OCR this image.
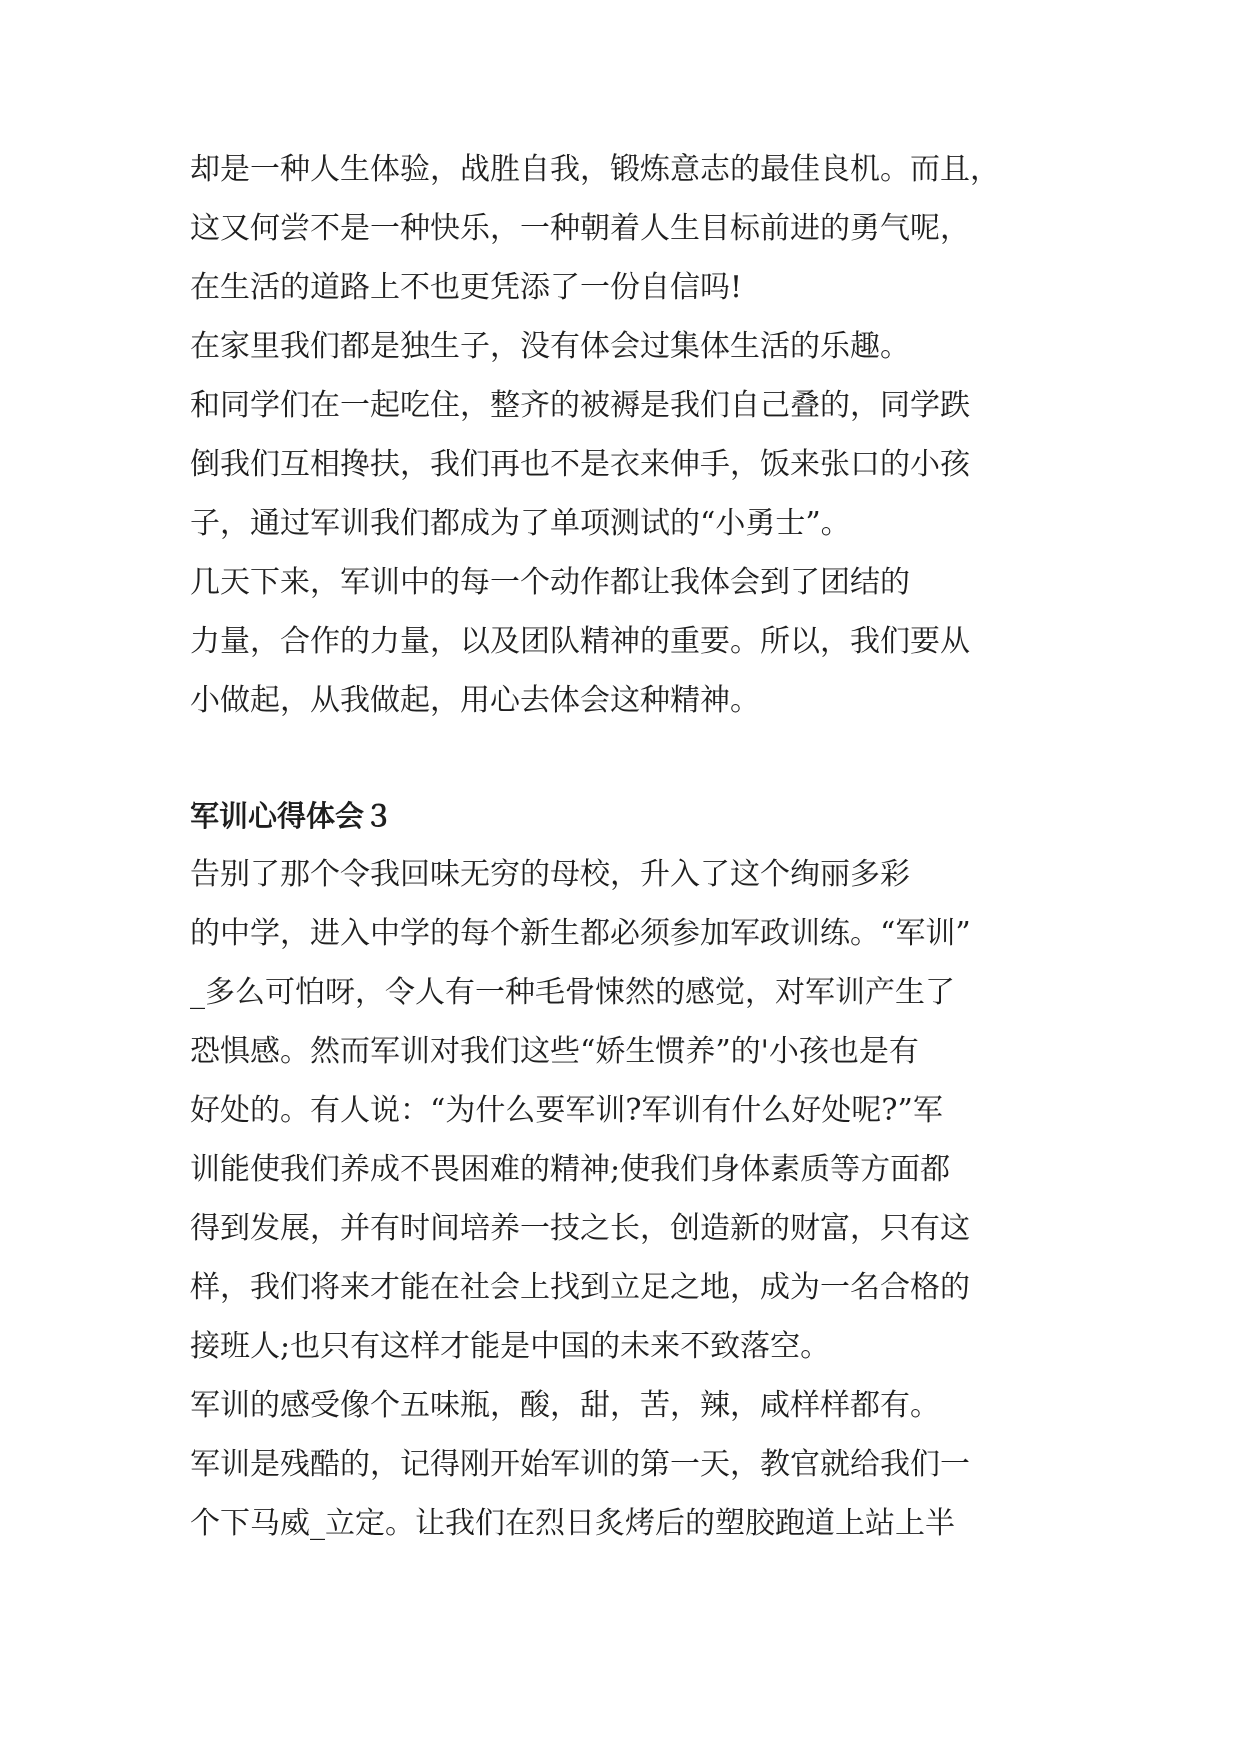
却是一种人生体验，战胜自我，锻炼意志的最佳良机。而且，

这又何尝不是一种快乐，一种朝着人生目标前进的勇气呢，

在生活的道路上不也更凭添了一份自信吗!

在家里我们都是独生子，没有体会过集体生活的乐趣。

和同学们在一起吃住，整齐的被褥是我们自己叠的，同学跌

倒我们互相搀扶，我们再也不是衣来伸手，饭来张口的小孩

子，通过军训我们都成为了单项测试的“小勇士”。

几天下来，军训中的每一个动作都让我体会到了团结的

力量，合作的力量，以及团队精神的重要。所以，我们要从

小做起，从我做起，用心去体会这种精神。

军训心得体会３

告别了那个令我回味无穷的母校，升入了这个绚丽多彩

的中学，进入中学的每个新生都必须参加军政训练。“军训”

_多么可怕呀，令人有一种毛骨悚然的感觉，对军训产生了

恐惧感。然而军训对我们这些“娇生惯养”的'小孩也是有

好处的。有人说：“为什么要军训?军训有什么好处呢?”军

训能使我们养成不畏困难的精神;使我们身体素质等方面都

得到发展，并有时间培养一技之长，创造新的财富，只有这

样，我们将来才能在社会上找到立足之地，成为一名合格的

接班人;也只有这样才能是中国的未来不致落空。

军训的感受像个五味瓶，酸，甜，苦，辣，咸样样都有。

军训是残酷的，记得刚开始军训的第一天，教官就给我们一

个下马威_立定。让我们在烈日炙烤后的塑胶跑道上站上半
